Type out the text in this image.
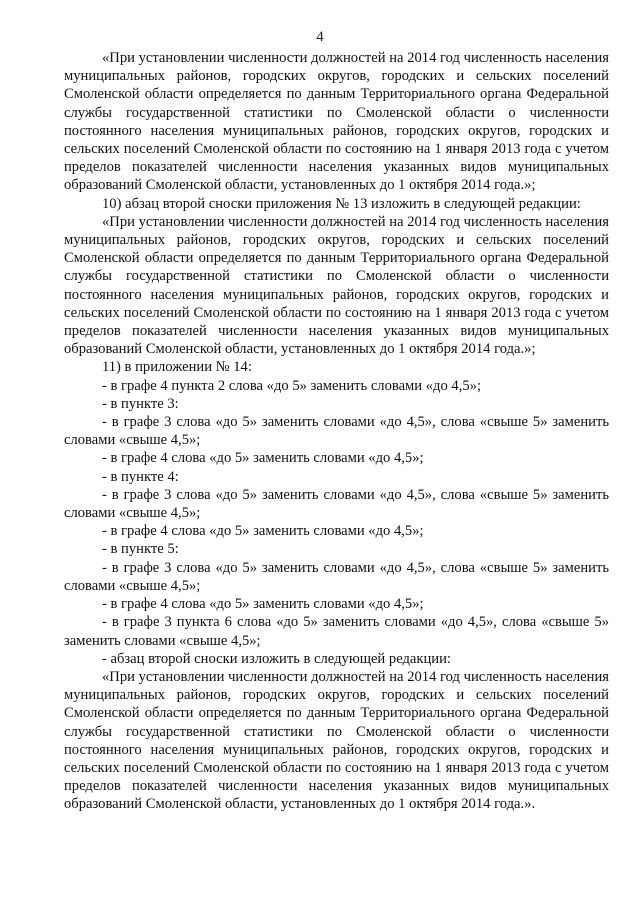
4

«При установлении численности должностей на 2014 год численность населения муниципальных районов, городских округов, городских и сельских поселений Смоленской области определяется по данным Территориального органа Федеральной службы государственной статистики по Смоленской области о численности постоянного населения муниципальных районов, городских округов, городских и сельских поселений Смоленской области по состоянию на 1 января 2013 года с учетом пределов показателей численности населения указанных видов муниципальных образований Смоленской области, установленных до 1 октября 2014 года.»;

10) абзац второй сноски приложения № 13 изложить в следующей редакции:

«При установлении численности должностей на 2014 год численность населения муниципальных районов, городских округов, городских и сельских поселений Смоленской области определяется по данным Территориального органа Федеральной службы государственной статистики по Смоленской области о численности постоянного населения муниципальных районов, городских округов, городских и сельских поселений Смоленской области по состоянию на 1 января 2013 года с учетом пределов показателей численности населения указанных видов муниципальных образований Смоленской области, установленных до 1 октября 2014 года.»;

11) в приложении № 14:

- в графе 4 пункта 2 слова «до 5» заменить словами «до 4,5»;

- в пункте 3:

- в графе 3 слова «до 5» заменить словами «до 4,5», слова «свыше 5» заменить словами «свыше 4,5»;

- в графе 4 слова «до 5» заменить словами «до 4,5»;

- в пункте 4:

- в графе 3 слова «до 5» заменить словами «до 4,5», слова «свыше 5» заменить словами «свыше 4,5»;

- в графе 4 слова «до 5» заменить словами «до 4,5»;

- в пункте 5:

- в графе 3 слова «до 5» заменить словами «до 4,5», слова «свыше 5» заменить словами «свыше 4,5»;

- в графе 4 слова «до 5» заменить словами «до 4,5»;

- в графе 3 пункта 6 слова «до 5» заменить словами «до 4,5», слова «свыше 5» заменить словами «свыше 4,5»;

- абзац второй сноски изложить в следующей редакции:

«При установлении численности должностей на 2014 год численность населения муниципальных районов, городских округов, городских и сельских поселений Смоленской области определяется по данным Территориального органа Федеральной службы государственной статистики по Смоленской области о численности постоянного населения муниципальных районов, городских округов, городских и сельских поселений Смоленской области по состоянию на 1 января 2013 года с учетом пределов показателей численности населения указанных видов муниципальных образований Смоленской области, установленных до 1 октября 2014 года.».
